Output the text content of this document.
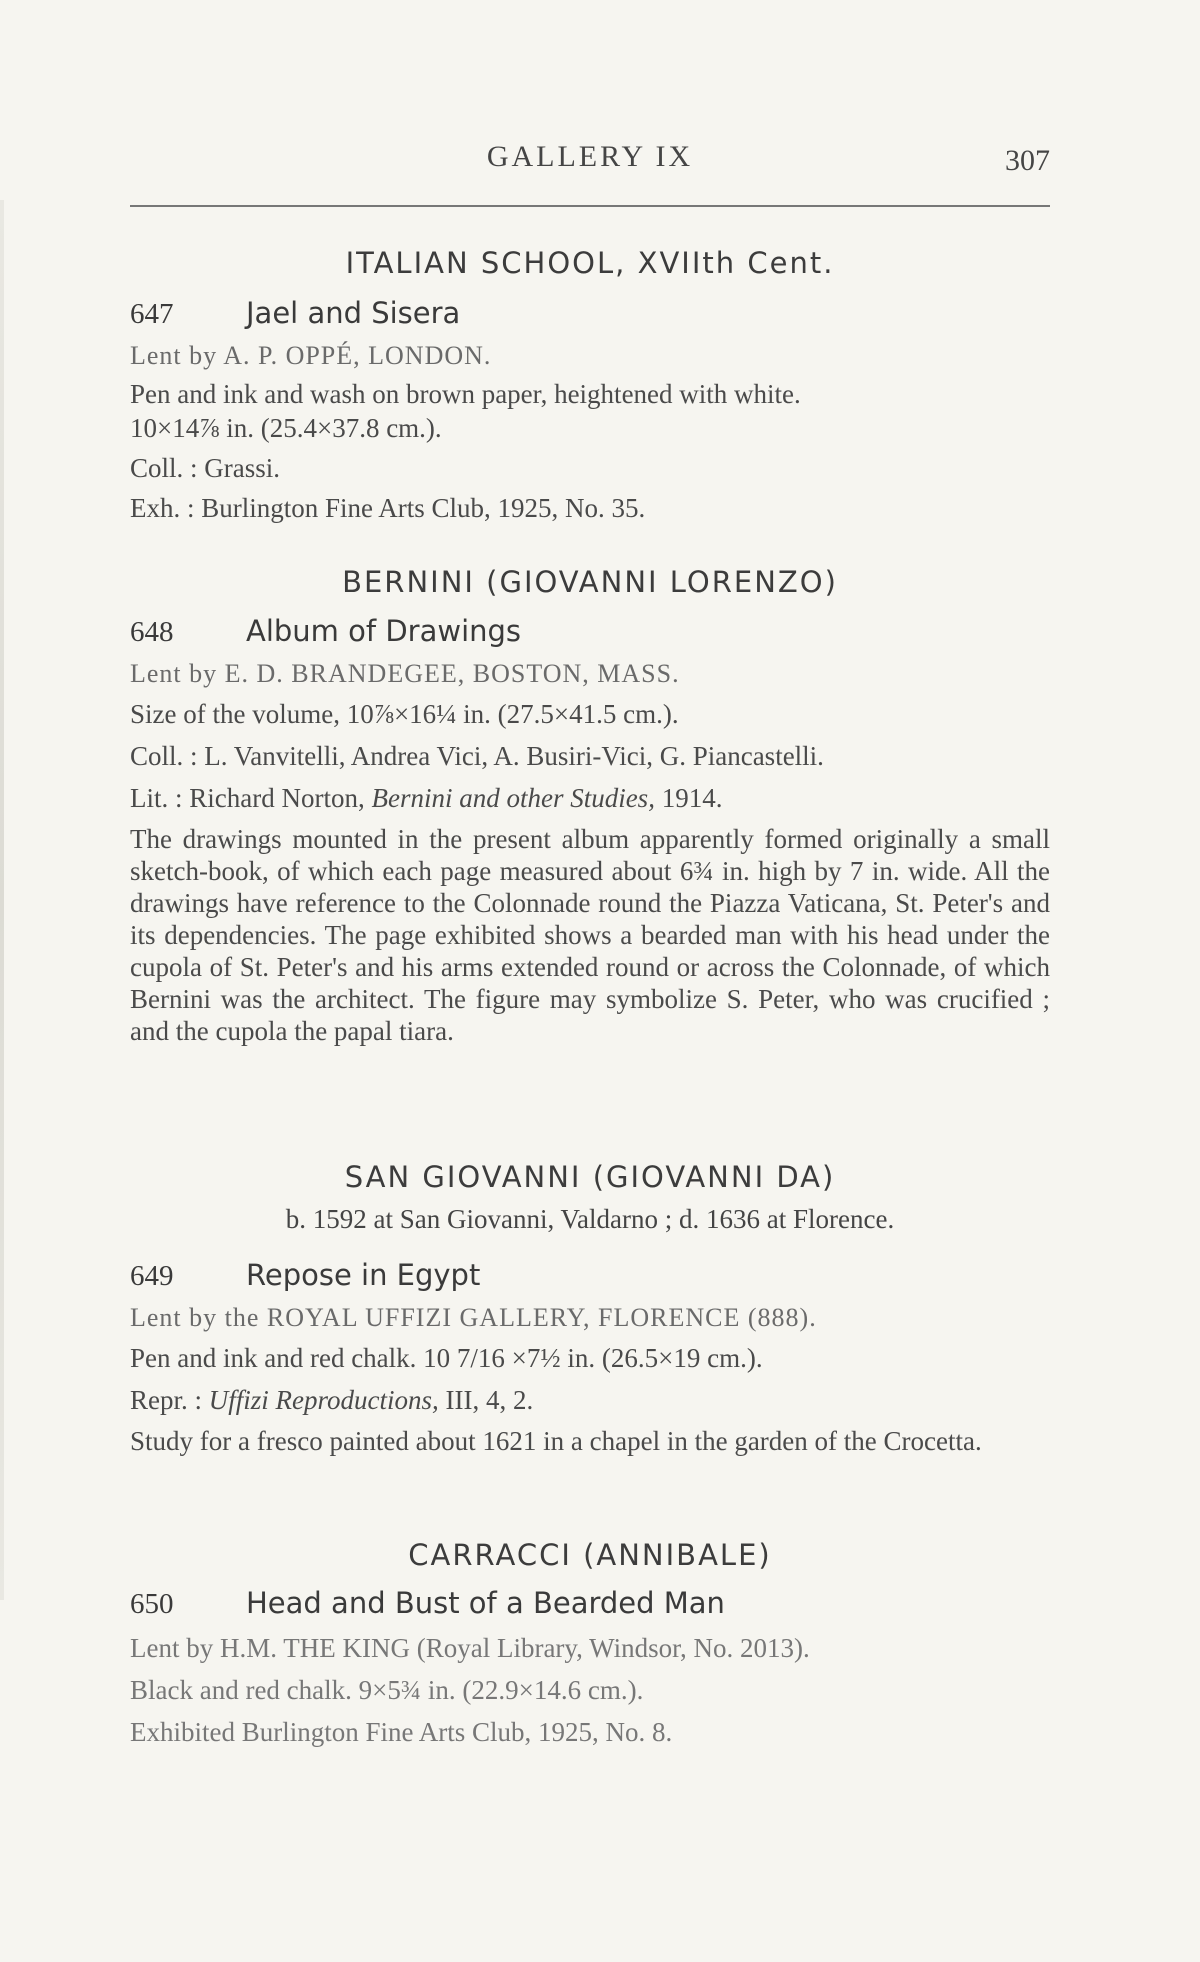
GALLERY IX	307
ITALIAN SCHOOL, XVIIth Cent.
647	Jael and Sisera
Lent by A. P. OPPÉ, LONDON.
Pen and ink and wash on brown paper, heightened with white.
10×14⅞ in. (25.4×37.8 cm.).
Coll. : Grassi.
Exh. : Burlington Fine Arts Club, 1925, No. 35.
BERNINI (GIOVANNI LORENZO)
648	Album of Drawings
Lent by E. D. BRANDEGEE, BOSTON, MASS.
Size of the volume, 10⅞×16¼ in. (27.5×41.5 cm.).
Coll. : L. Vanvitelli, Andrea Vici, A. Busiri-Vici, G. Piancastelli.
Lit. : Richard Norton, Bernini and other Studies, 1914.
The drawings mounted in the present album apparently formed originally a small sketch-book, of which each page measured about 6¾ in. high by 7 in. wide. All the drawings have reference to the Colonnade round the Piazza Vaticana, St. Peter's and its dependencies. The page exhibited shows a bearded man with his head under the cupola of St. Peter's and his arms extended round or across the Colonnade, of which Bernini was the architect. The figure may symbolize S. Peter, who was crucified ; and the cupola the papal tiara.
SAN GIOVANNI (GIOVANNI DA)
b. 1592 at San Giovanni, Valdarno ; d. 1636 at Florence.
649	Repose in Egypt
Lent by the ROYAL UFFIZI GALLERY, FLORENCE (888).
Pen and ink and red chalk. 10 7/16 ×7½ in. (26.5×19 cm.).
Repr. : Uffizi Reproductions, III, 4, 2.
Study for a fresco painted about 1621 in a chapel in the garden of the Crocetta.
CARRACCI (ANNIBALE)
650	Head and Bust of a Bearded Man
Lent by H.M. THE KING (Royal Library, Windsor, No. 2013).
Black and red chalk. 9×5¾ in. (22.9×14.6 cm.).
Exhibited Burlington Fine Arts Club, 1925, No. 8.
